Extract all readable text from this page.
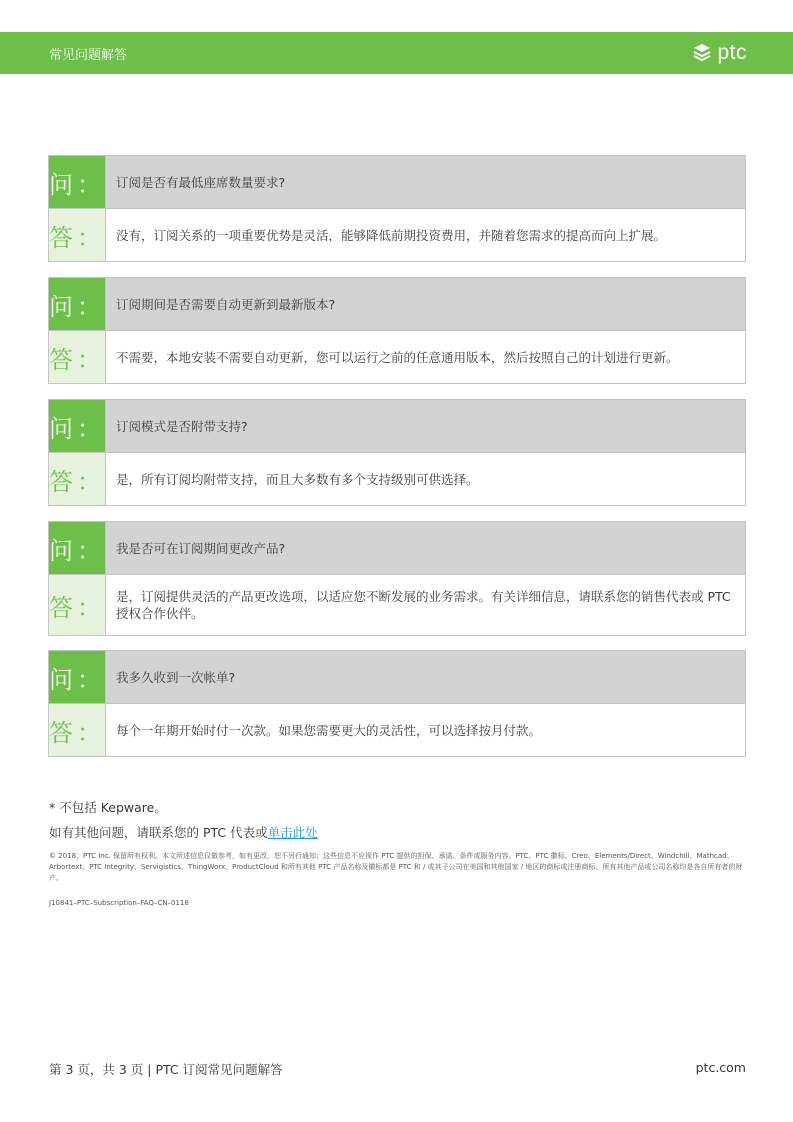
常见问题解答	ptc
问： 订阅是否有最低座席数量要求?
答： 没有，订阅关系的一项重要优势是灵活，能够降低前期投资费用，并随着您需求的提高而向上扩展。
问： 订阅期间是否需要自动更新到最新版本?
答： 不需要，本地安装不需要自动更新，您可以运行之前的任意通用版本，然后按照自己的计划进行更新。
问： 订阅模式是否附带支持?
答： 是，所有订阅均附带支持，而且大多数有多个支持级别可供选择。
问： 我是否可在订阅期间更改产品?
答： 是，订阅提供灵活的产品更改选项，以适应您不断发展的业务需求。有关详细信息，请联系您的销售代表或 PTC 授权合作伙伴。
问： 我多久收到一次帐单?
答： 每个一年期开始时付一次款。如果您需要更大的灵活性，可以选择按月付款。
* 不包括 Kepware。
如有其他问题，请联系您的 PTC 代表或单击此处
© 2018，PTC Inc. 保留所有权利。本文所述信息仅做参考，如有更改，恕不另行通知；这些信息不应视作 PTC 提供的担保、承诺、条件或服务内容。PTC、PTC 徽标、Creo、Elements/Direct、Windchill、Mathcad、Arbortext、PTC Integrity、Servigistics、ThingWorx、ProductCloud 和所有其他 PTC 产品名称及徽标都是 PTC 和 / 或其子公司在美国和其他国家 / 地区的商标或注册商标。所有其他产品或公司名称均是各自所有者的财产。
J10841–PTC–Subscription–FAQ–CN–0118
第 3 页，共 3 页 | PTC 订阅常见问题解答	ptc.com
